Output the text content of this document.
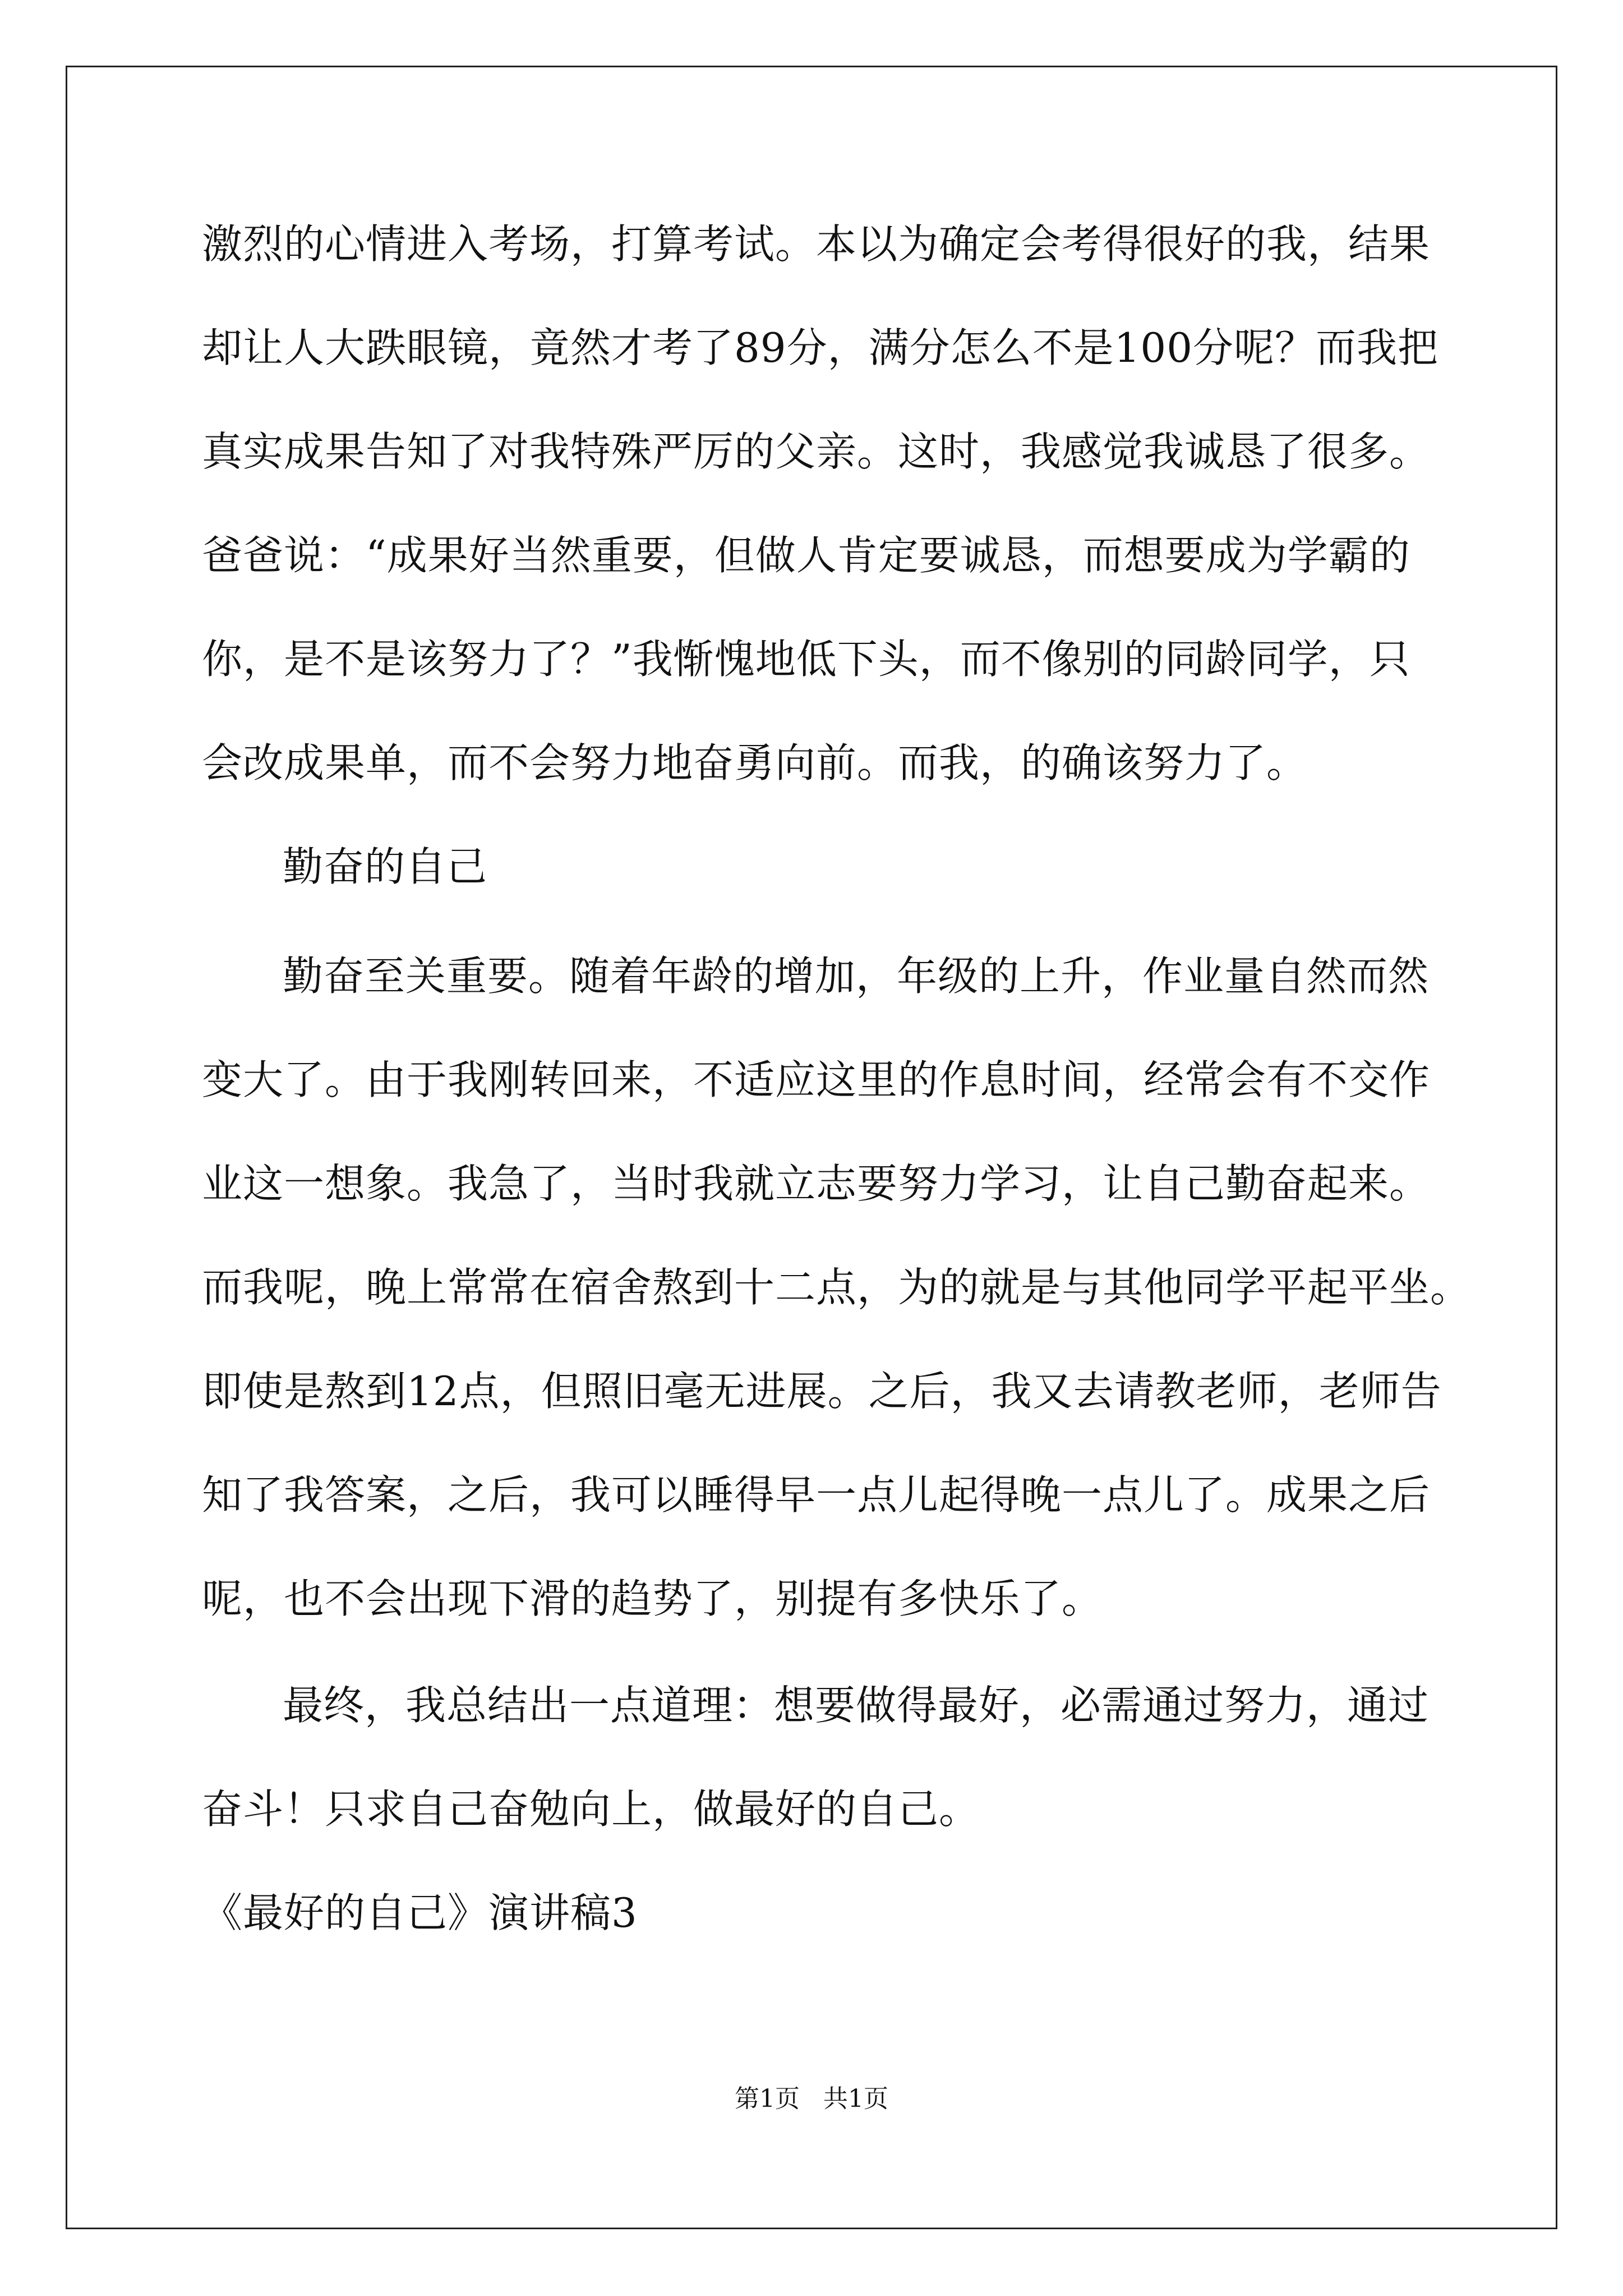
激烈的心情进入考场，打算考试。本以为确定会考得很好的我，结果
却让人大跌眼镜，竟然才考了89分，满分怎么不是100分呢？而我把
真实成果告知了对我特殊严厉的父亲。这时，我感觉我诚恳了很多。
爸爸说：“成果好当然重要，但做人肯定要诚恳，而想要成为学霸的
你，是不是该努力了？”我惭愧地低下头，而不像别的同龄同学，只
会改成果单，而不会努力地奋勇向前。而我，的确该努力了。
勤奋的自己
勤奋至关重要。随着年龄的增加，年级的上升，作业量自然而然
变大了。由于我刚转回来，不适应这里的作息时间，经常会有不交作
业这一想象。我急了，当时我就立志要努力学习，让自己勤奋起来。
而我呢，晚上常常在宿舍熬到十二点，为的就是与其他同学平起平坐。
即使是熬到12点，但照旧毫无进展。之后，我又去请教老师，老师告
知了我答案，之后，我可以睡得早一点儿起得晚一点儿了。成果之后
呢，也不会出现下滑的趋势了，别提有多快乐了。
最终，我总结出一点道理：想要做得最好，必需通过努力，通过
奋斗！只求自己奋勉向上，做最好的自己。
《最好的自己》演讲稿3
第1页   共1页
